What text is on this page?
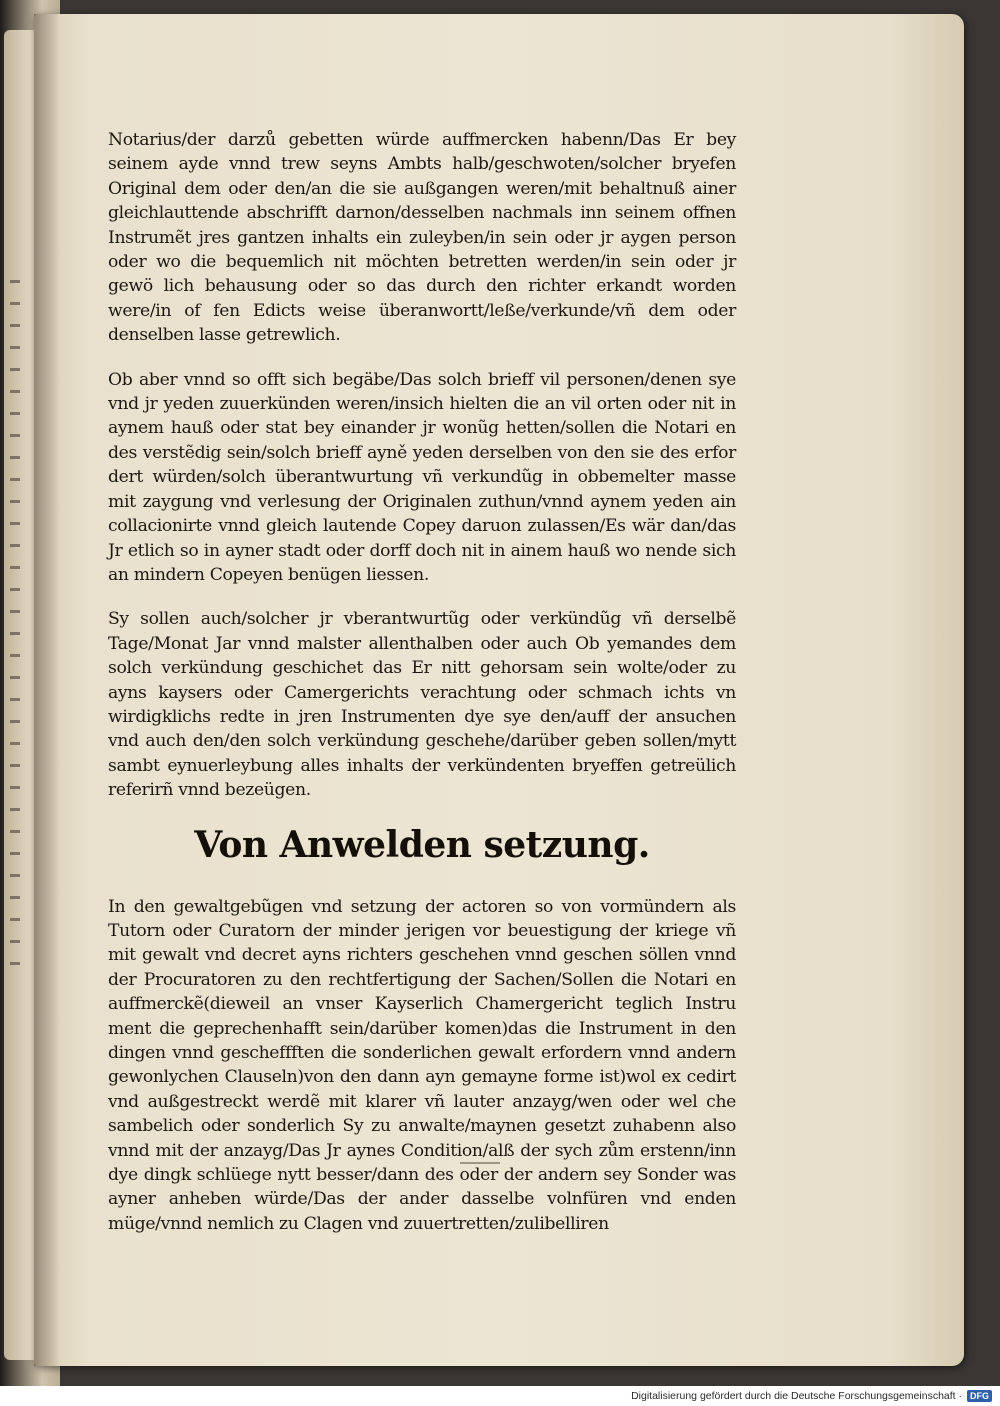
Notarius/der darzů gebetten würde auffmercken habenn/Das Er bey seinem ayde vnnd trew seyns Ambts halb/geschwoten/solcher bryefen Original dem oder den/an die sie außgangen weren/mit behaltnuß ainer gleichlauttende abschrifft darnon/desselben nachmals inn seinem offnen Instrumẽt jres gantzen inhalts ein zuleyben/in sein oder jr aygen person oder wo die bequemlich nit möchten betretten werden/in sein oder jr gewö lich behausung oder so das durch den richter erkandt worden were/in of fen Edicts weise überanwortt/leße/verkunde/vñ dem oder denselben lasse getrewlich.

Ob aber vnnd so offt sich begäbe/Das solch brieff vil personen/denen sye vnd jr yeden zuuerkünden weren/insich hielten die an vil orten oder nit in aynem hauß oder stat bey einander jr wonũg hetten/sollen die Notari en des verstẽdig sein/solch brieff ayně yeden derselben von den sie des erfor dert würden/solch überantwurtung vñ verkundũg in obbemelter masse mit zaygung vnd verlesung der Originalen zuthun/vnnd aynem yeden ain collacionirte vnnd gleich lautende Copey daruon zulassen/Es wär dan/das Jr etlich so in ayner stadt oder dorff doch nit in ainem hauß wo nende sich an mindern Copeyen benügen liessen.

Sy sollen auch/solcher jr vberantwurtũg oder verkündũg vñ derselbẽ Tage/Monat Jar vnnd malster allenthalben oder auch Ob yemandes dem solch verkündung geschichet das Er nitt gehorsam sein wolte/oder zu ayns kaysers oder Camergerichts verachtung oder schmach ichts vn wirdigklichs redte in jren Instrumenten dye sye den/auff der ansuchen vnd auch den/den solch verkündung geschehe/darüber geben sollen/mytt sambt eynuerleybung alles inhalts der verkündenten bryeffen getreülich referirñ vnnd bezeügen.

Von Anwelden setzung.

In den gewaltgebũgen vnd setzung der actoren so von vormündern als Tutorn oder Curatorn der minder jerigen vor beuestigung der kriege vñ mit gewalt vnd decret ayns richters geschehen vnnd geschen söllen vnnd der Procuratoren zu den rechtfertigung der Sachen/Sollen die Notari en auffmerckẽ(dieweil an vnser Kayserlich Chamergericht teglich Instru ment die geprechenhafft sein/darüber komen)das die Instrument in den dingen vnnd gescheffften die sonderlichen gewalt erfordern vnnd andern gewonlychen Clauseln)von den dann ayn gemayne forme ist)wol ex cedirt vnd außgestreckt werdẽ mit klarer vñ lauter anzayg/wen oder wel che sambelich oder sonderlich Sy zu anwalte/maynen gesetzt zuhabenn also vnnd mit der anzayg/Das Jr aynes Condition/alß der sych zům erstenn/inn dye dingk schlüege nytt besser/dann des oder der andern sey Sonder was ayner anheben würde/Das der ander dasselbe volnfüren vnd enden müge/vnnd nemlich zu Clagen vnd zuuertretten/zulibelliren

Digitalisierung gefördert durch die Deutsche Forschungsgemeinschaft · DFG
